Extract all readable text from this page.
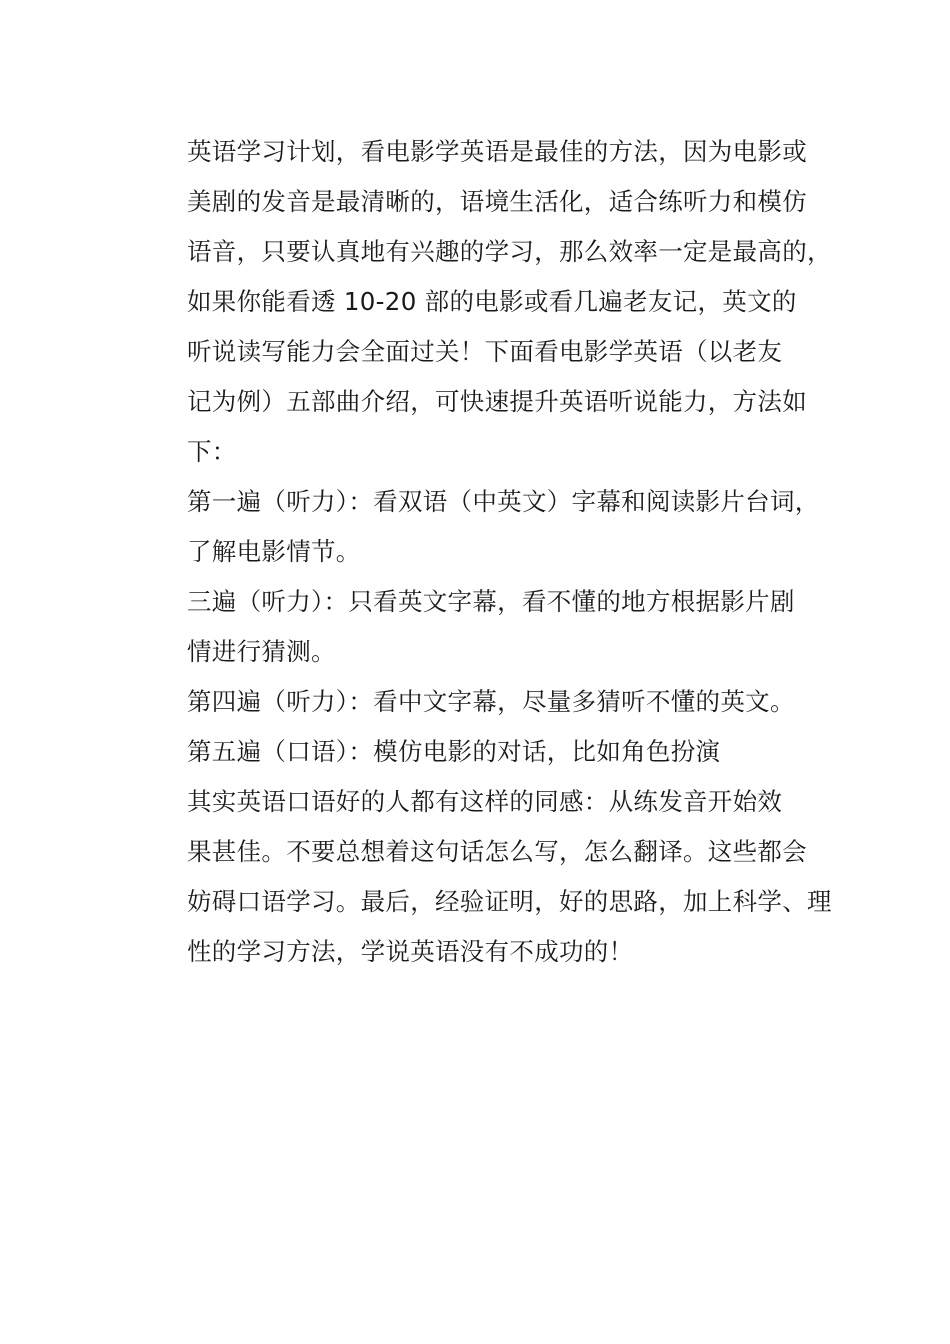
英语学习计划，看电影学英语是最佳的方法，因为电影或
美剧的发音是最清晰的，语境生活化，适合练听力和模仿
语音，只要认真地有兴趣的学习，那么效率一定是最高的，
如果你能看透 10-20 部的电影或看几遍老友记，英文的
听说读写能力会全面过关！下面看电影学英语（以老友
记为例）五部曲介绍，可快速提升英语听说能力，方法如
下：
第一遍（听力）：看双语（中英文）字幕和阅读影片台词，
了解电影情节。
三遍（听力）：只看英文字幕，看不懂的地方根据影片剧
情进行猜测。
第四遍（听力）：看中文字幕，尽量多猜听不懂的英文。
第五遍（口语）：模仿电影的对话，比如角色扮演
其实英语口语好的人都有这样的同感：从练发音开始效
果甚佳。不要总想着这句话怎么写，怎么翻译。这些都会
妨碍口语学习。最后，经验证明，好的思路，加上科学、理
性的学习方法，学说英语没有不成功的！
